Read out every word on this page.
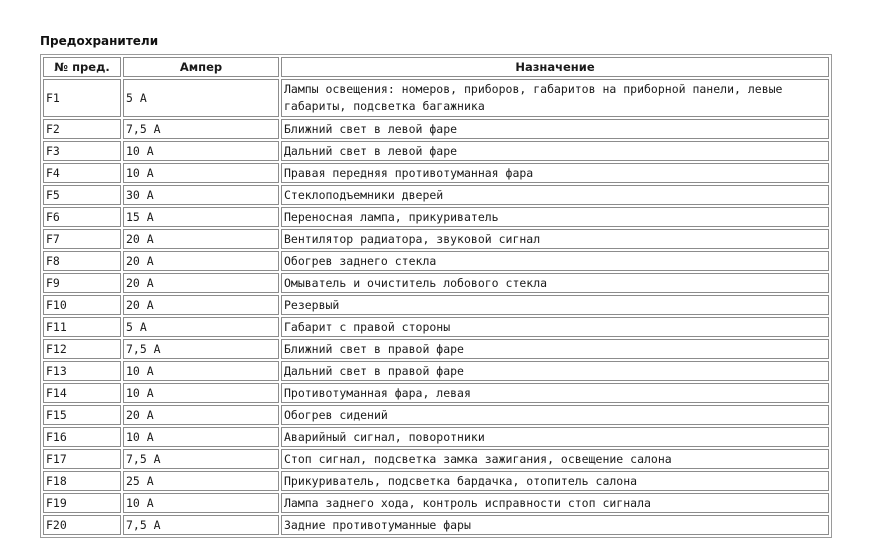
Предохранители
№ пред.	Ампер	Назначение
F1	5 А	Лампы освещения: номеров, приборов, габаритов на приборной панели, левые габариты, подсветка багажника
F2	7,5 А	Ближний свет в левой фаре
F3	10 А	Дальний свет в левой фаре
F4	10 А	Правая передняя противотуманная фара
F5	30 А	Стеклоподъемники дверей
F6	15 А	Переносная лампа, прикуриватель
F7	20 А	Вентилятор радиатора, звуковой сигнал
F8	20 А	Обогрев заднего стекла
F9	20 А	Омыватель и очиститель лобового стекла
F10	20 А	Резервый
F11	5 А	Габарит с правой стороны
F12	7,5 А	Ближний свет в правой фаре
F13	10 А	Дальний свет в правой фаре
F14	10 А	Противотуманная фара, левая
F15	20 А	Обогрев сидений
F16	10 А	Аварийный сигнал, поворотники
F17	7,5 А	Стоп сигнал, подсветка замка зажигания, освещение салона
F18	25 А	Прикуриватель, подсветка бардачка, отопитель салона
F19	10 А	Лампа заднего хода, контроль исправности стоп сигнала
F20	7,5 А	Задние противотуманные фары
